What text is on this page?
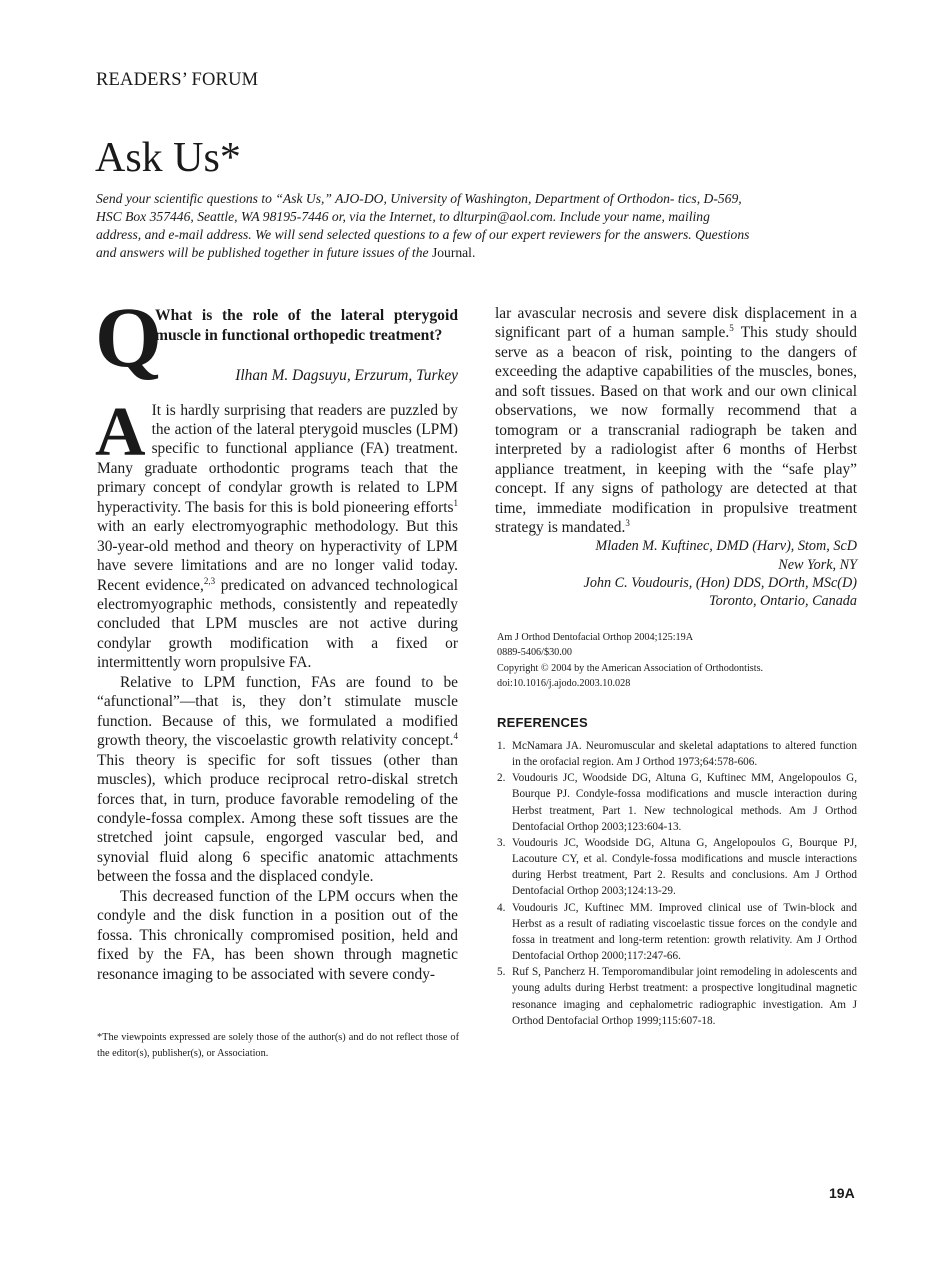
READERS’ FORUM
Ask Us*
Send your scientific questions to “Ask Us,” AJO-DO, University of Washington, Department of Orthodon- tics, D-569, HSC Box 357446, Seattle, WA 98195-7446 or, via the Internet, to dlturpin@aol.com. Include your name, mailing address, and e-mail address. We will send selected questions to a few of our expert reviewers for the answers. Questions and answers will be published together in future issues of the Journal.
Q
What is the role of the lateral pterygoid muscle in functional orthopedic treatment?
Ilhan M. Dagsuyu, Erzurum, Turkey

A It is hardly surprising that readers are puzzled by the action of the lateral pterygoid muscles (LPM) specific to functional appliance (FA) treatment. Many graduate orthodontic programs teach that the primary concept of condylar growth is related to LPM hyperactivity. The basis for this is bold pioneering efforts$^1$ with an early electromyographic methodology. But this 30-year-old method and theory on hyperactivity of LPM have severe limitations and are no longer valid today. Recent evidence,$^{2,3}$ predicated on advanced technological electromyographic methods, consistently and repeatedly concluded that LPM muscles are not active during condylar growth modification with a fixed or intermittently worn propulsive FA.

Relative to LPM function, FAs are found to be “afunctional”—that is, they don’t stimulate muscle function. Because of this, we formulated a modified growth theory, the viscoelastic growth relativity concept.$^4$ This theory is specific for soft tissues (other than muscles), which produce reciprocal retro-diskal stretch forces that, in turn, produce favorable remodeling of the condyle-fossa complex. Among these soft tissues are the stretched joint capsule, engorged vascular bed, and synovial fluid along 6 specific anatomic attachments between the fossa and the displaced condyle.

This decreased function of the LPM occurs when the condyle and the disk function in a position out of the fossa. This chronically compromised position, held and fixed by the FA, has been shown through magnetic resonance imaging to be associated with severe condy-

*The viewpoints expressed are solely those of the author(s) and do not reflect those of the editor(s), publisher(s), or Association.

lar avascular necrosis and severe disk displacement in a significant part of a human sample.$^5$ This study should serve as a beacon of risk, pointing to the dangers of exceeding the adaptive capabilities of the muscles, bones, and soft tissues. Based on that work and our own clinical observations, we now formally recommend that a tomogram or a transcranial radiograph be taken and interpreted by a radiologist after 6 months of Herbst appliance treatment, in keeping with the “safe play” concept. If any signs of pathology are detected at that time, immediate modification in propulsive treatment strategy is mandated.$^3$

Mladen M. Kuftinec, DMD (Harv), Stom, ScD
New York, NY
John C. Voudouris, (Hon) DDS, DOrth, MSc(D)
Toronto, Ontario, Canada
Am J Orthod Dentofacial Orthop 2004;125:19A
0889-5406/$30.00
Copyright © 2004 by the American Association of Orthodontists.
doi:10.1016/j.ajodo.2003.10.028
REFERENCES
1. McNamara JA. Neuromuscular and skeletal adaptations to altered function in the orofacial region. Am J Orthod 1973;64:578-606.
2. Voudouris JC, Woodside DG, Altuna G, Kuftinec MM, Angelopoulos G, Bourque PJ. Condyle-fossa modifications and muscle interaction during Herbst treatment, Part 1. New technological methods. Am J Orthod Dentofacial Orthop 2003;123:604-13.
3. Voudouris JC, Woodside DG, Altuna G, Angelopoulos G, Bourque PJ, Lacouture CY, et al. Condyle-fossa modifications and muscle interactions during Herbst treatment, Part 2. Results and conclusions. Am J Orthod Dentofacial Orthop 2003;124:13-29.
4. Voudouris JC, Kuftinec MM. Improved clinical use of Twin-block and Herbst as a result of radiating viscoelastic tissue forces on the condyle and fossa in treatment and long-term retention: growth relativity. Am J Orthod Dentofacial Orthop 2000;117:247-66.
5. Ruf S, Pancherz H. Temporomandibular joint remodeling in adolescents and young adults during Herbst treatment: a prospective longitudinal magnetic resonance imaging and cephalometric radiographic investigation. Am J Orthod Dentofacial Orthop 1999;115:607-18.
19A
